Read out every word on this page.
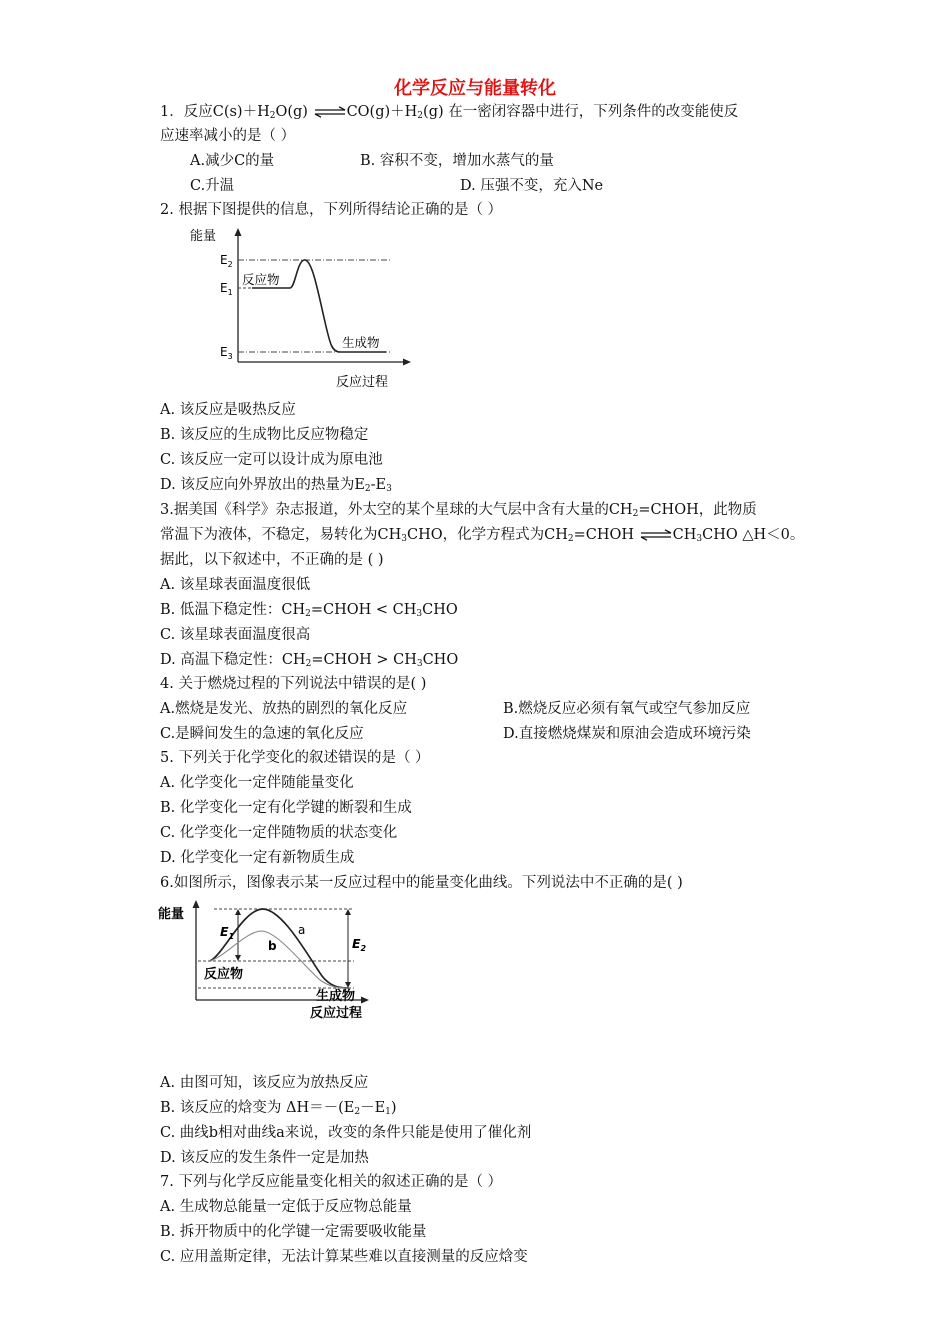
化学反应与能量转化
1．反应$C(s)+H_2O(g)$ $\rightleftharpoons CO(g)+H_2(g)$ 在一密闭容器中进行，下列条件的改变能使反
应速率减小的是（ ）
A.减少C的量	B. 容积不变，增加水蒸气的量
C.升温	D. 压强不变，充入Ne
2. 根据下图提供的信息，下列所得结论正确的是（ ）
能量
$E_2$
$E_1$
$E_3$
反应物
生成物
反应过程
A. 该反应是吸热反应
B. 该反应的生成物比反应物稳定
C. 该反应一定可以设计成为原电池
D. 该反应向外界放出的热量为$E_2-E_3$
3.据美国《科学》杂志报道，外太空的某个星球的大气层中含有大量的$CH_2=CHOH$，此物质
常温下为液体，不稳定，易转化为$CH_3CHO$，化学方程式为$CH_2=CHOH$ $\rightleftharpoons CH_3CHO$ △H＜0。
据此，以下叙述中，不正确的是 ( )
A. 该星球表面温度很低
B. 低温下稳定性：$CH_2=CHOH < CH_3CHO$
C. 该星球表面温度很高
D. 高温下稳定性：$CH_2=CHOH > CH_3CHO$
4. 关于燃烧过程的下列说法中错误的是( )
A.燃烧是发光、放热的剧烈的氧化反应	B.燃烧反应必须有氧气或空气参加反应
C.是瞬间发生的急速的氧化反应	D.直接燃烧煤炭和原油会造成环境污染
5. 下列关于化学变化的叙述错误的是（ ）
A. 化学变化一定伴随能量变化
B. 化学变化一定有化学键的断裂和生成
C. 化学变化一定伴随物质的状态变化
D. 化学变化一定有新物质生成
6.如图所示，图像表示某一反应过程中的能量变化曲线。下列说法中不正确的是( )
能量
$E_1$	$E_2$
a
b
反应物
生成物
反应过程
A. 由图可知，该反应为放热反应
B. 该反应的焓变为 $\Delta H=-(E_2-E_1)$
C. 曲线b相对曲线a来说，改变的条件只能是使用了催化剂
D. 该反应的发生条件一定是加热
7. 下列与化学反应能量变化相关的叙述正确的是（ ）
A. 生成物总能量一定低于反应物总能量
B. 拆开物质中的化学键一定需要吸收能量
C. 应用盖斯定律，无法计算某些难以直接测量的反应焓变
